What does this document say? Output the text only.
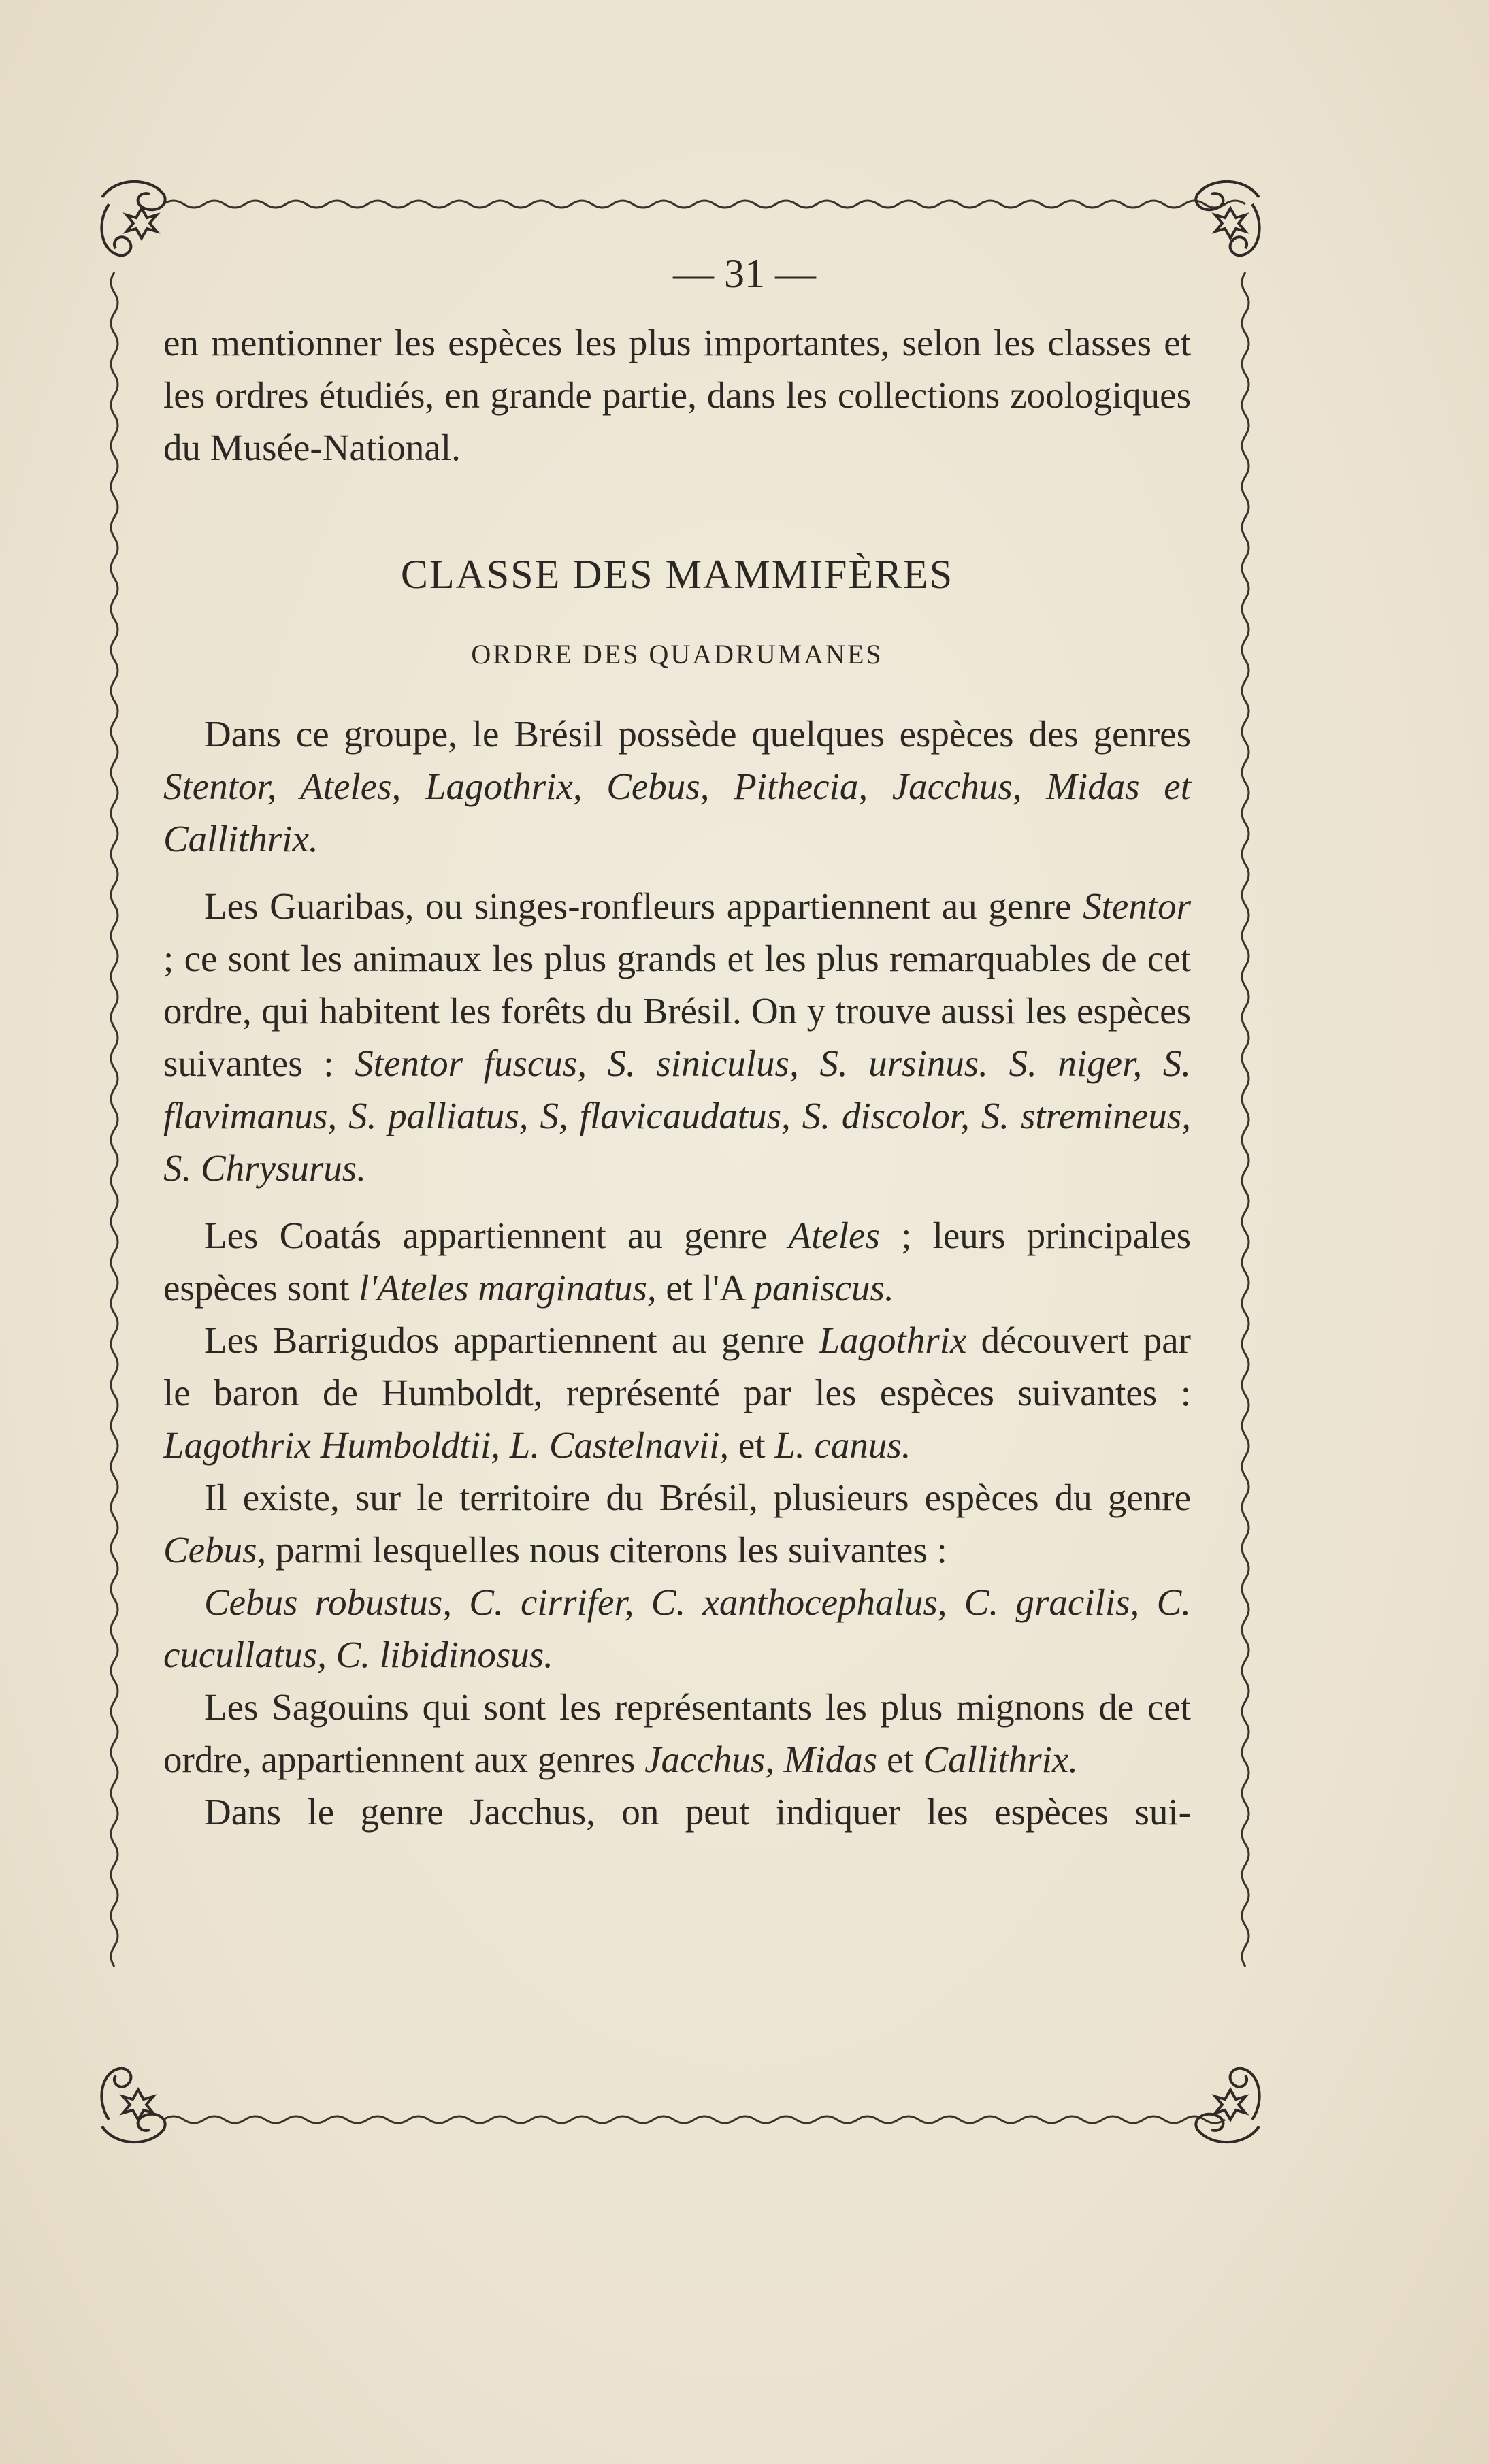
— 31 —

en mentionner les espèces les plus importantes, selon les classes et les ordres étudiés, en grande partie, dans les collections zoologiques du Musée-National.

CLASSE DES MAMMIFÈRES
ORDRE DES QUADRUMANES

Dans ce groupe, le Brésil possède quelques espèces des genres Stentor, Ateles, Lagothrix, Cebus, Pithecia, Jacchus, Midas et Callithrix.

Les Guaribas, ou singes-ronfleurs appartiennent au genre Stentor ; ce sont les animaux les plus grands et les plus remarquables de cet ordre, qui habitent les forêts du Brésil. On y trouve aussi les espèces suivantes : Stentor fuscus, S. siniculus, S. ursinus. S. niger, S. flavimanus, S. palliatus, S, flavicaudatus, S. discolor, S. stremineus, S. Chrysurus.

Les Coatás appartiennent au genre Ateles ; leurs principales espèces sont l'Ateles marginatus, et l'A paniscus.

Les Barrigudos appartiennent au genre Lagothrix découvert par le baron de Humboldt, représenté par les espèces suivantes : Lagothrix Humboldtii, L. Castelnavii, et L. canus.

Il existe, sur le territoire du Brésil, plusieurs espèces du genre Cebus, parmi lesquelles nous citerons les suivantes :

Cebus robustus, C. cirrifer, C. xanthocephalus, C. gracilis, C. cucullatus, C. libidinosus.

Les Sagouins qui sont les représentants les plus mignons de cet ordre, appartiennent aux genres Jacchus, Midas et Callithrix.

Dans le genre Jacchus, on peut indiquer les espèces sui-
